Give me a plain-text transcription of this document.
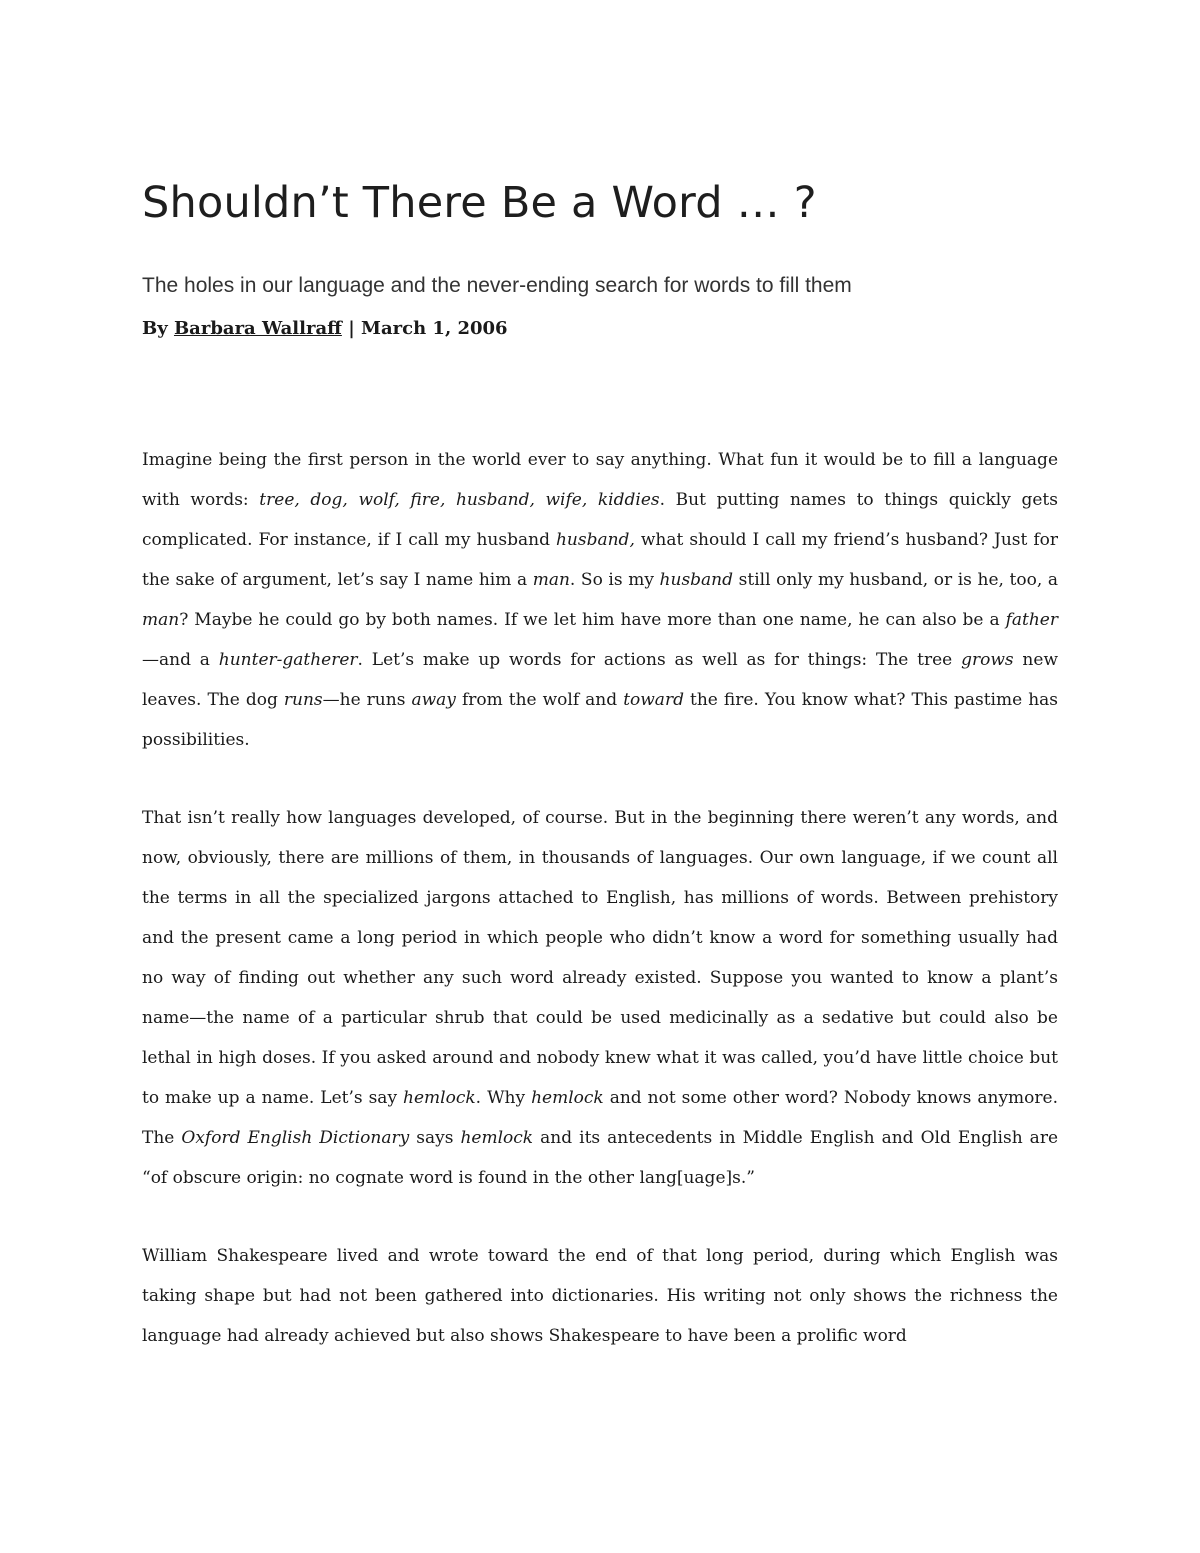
Shouldn’t There Be a Word … ?

The holes in our language and the never-ending search for words to fill them

By Barbara Wallraff | March 1, 2006

Imagine being the first person in the world ever to say anything. What fun it would be to fill a language with words: tree, dog, wolf, fire, husband, wife, kiddies. But putting names to things quickly gets complicated. For instance, if I call my husband husband, what should I call my friend’s husband? Just for the sake of argument, let’s say I name him a man. So is my husband still only my husband, or is he, too, a man? Maybe he could go by both names. If we let him have more than one name, he can also be a father—and a hunter-gatherer. Let’s make up words for actions as well as for things: The tree grows new leaves. The dog runs—he runs away from the wolf and toward the fire. You know what? This pastime has possibilities.

That isn’t really how languages developed, of course. But in the beginning there weren’t any words, and now, obviously, there are millions of them, in thousands of languages. Our own language, if we count all the terms in all the specialized jargons attached to English, has millions of words. Between prehistory and the present came a long period in which people who didn’t know a word for something usually had no way of finding out whether any such word already existed. Suppose you wanted to know a plant’s name—the name of a particular shrub that could be used medicinally as a sedative but could also be lethal in high doses. If you asked around and nobody knew what it was called, you’d have little choice but to make up a name. Let’s say hemlock. Why hemlock and not some other word? Nobody knows anymore. The Oxford English Dictionary says hemlock and its antecedents in Middle English and Old English are “of obscure origin: no cognate word is found in the other lang[uage]s.”

William Shakespeare lived and wrote toward the end of that long period, during which English was taking shape but had not been gathered into dictionaries. His writing not only shows the richness the language had already achieved but also shows Shakespeare to have been a prolific word
